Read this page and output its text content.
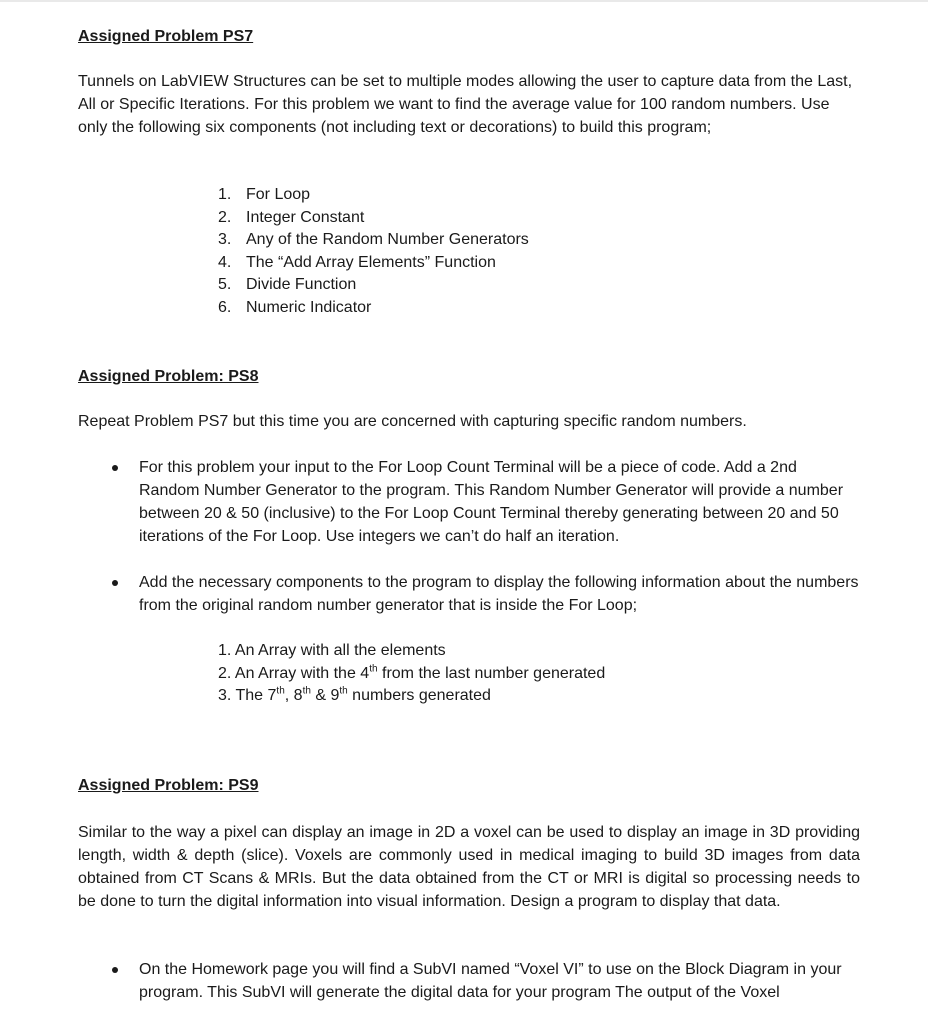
Assigned Problem PS7

Tunnels on LabVIEW Structures can be set to multiple modes allowing the user to capture data from the Last, All or Specific Iterations. For this problem we want to find the average value for 100 random numbers. Use only the following six components (not including text or decorations) to build this program;

1. For Loop
2. Integer Constant
3. Any of the Random Number Generators
4. The “Add Array Elements” Function
5. Divide Function
6. Numeric Indicator
Assigned Problem: PS8

Repeat Problem PS7 but this time you are concerned with capturing specific random numbers.

For this problem your input to the For Loop Count Terminal will be a piece of code. Add a 2nd Random Number Generator to the program. This Random Number Generator will provide a number between 20 & 50 (inclusive) to the For Loop Count Terminal thereby generating between 20 and 50 iterations of the For Loop. Use integers we can’t do half an iteration.

Add the necessary components to the program to display the following information about the numbers from the original random number generator that is inside the For Loop;

1. An Array with all the elements
2. An Array with the 4th from the last number generated
3. The 7th, 8th & 9th numbers generated
Assigned Problem: PS9

Similar to the way a pixel can display an image in 2D a voxel can be used to display an image in 3D providing length, width & depth (slice). Voxels are commonly used in medical imaging to build 3D images from data obtained from CT Scans & MRIs. But the data obtained from the CT or MRI is digital so processing needs to be done to turn the digital information into visual information. Design a program to display that data.

On the Homework page you will find a SubVI named “Voxel VI” to use on the Block Diagram in your program. This SubVI will generate the digital data for your program The output of the Voxel
